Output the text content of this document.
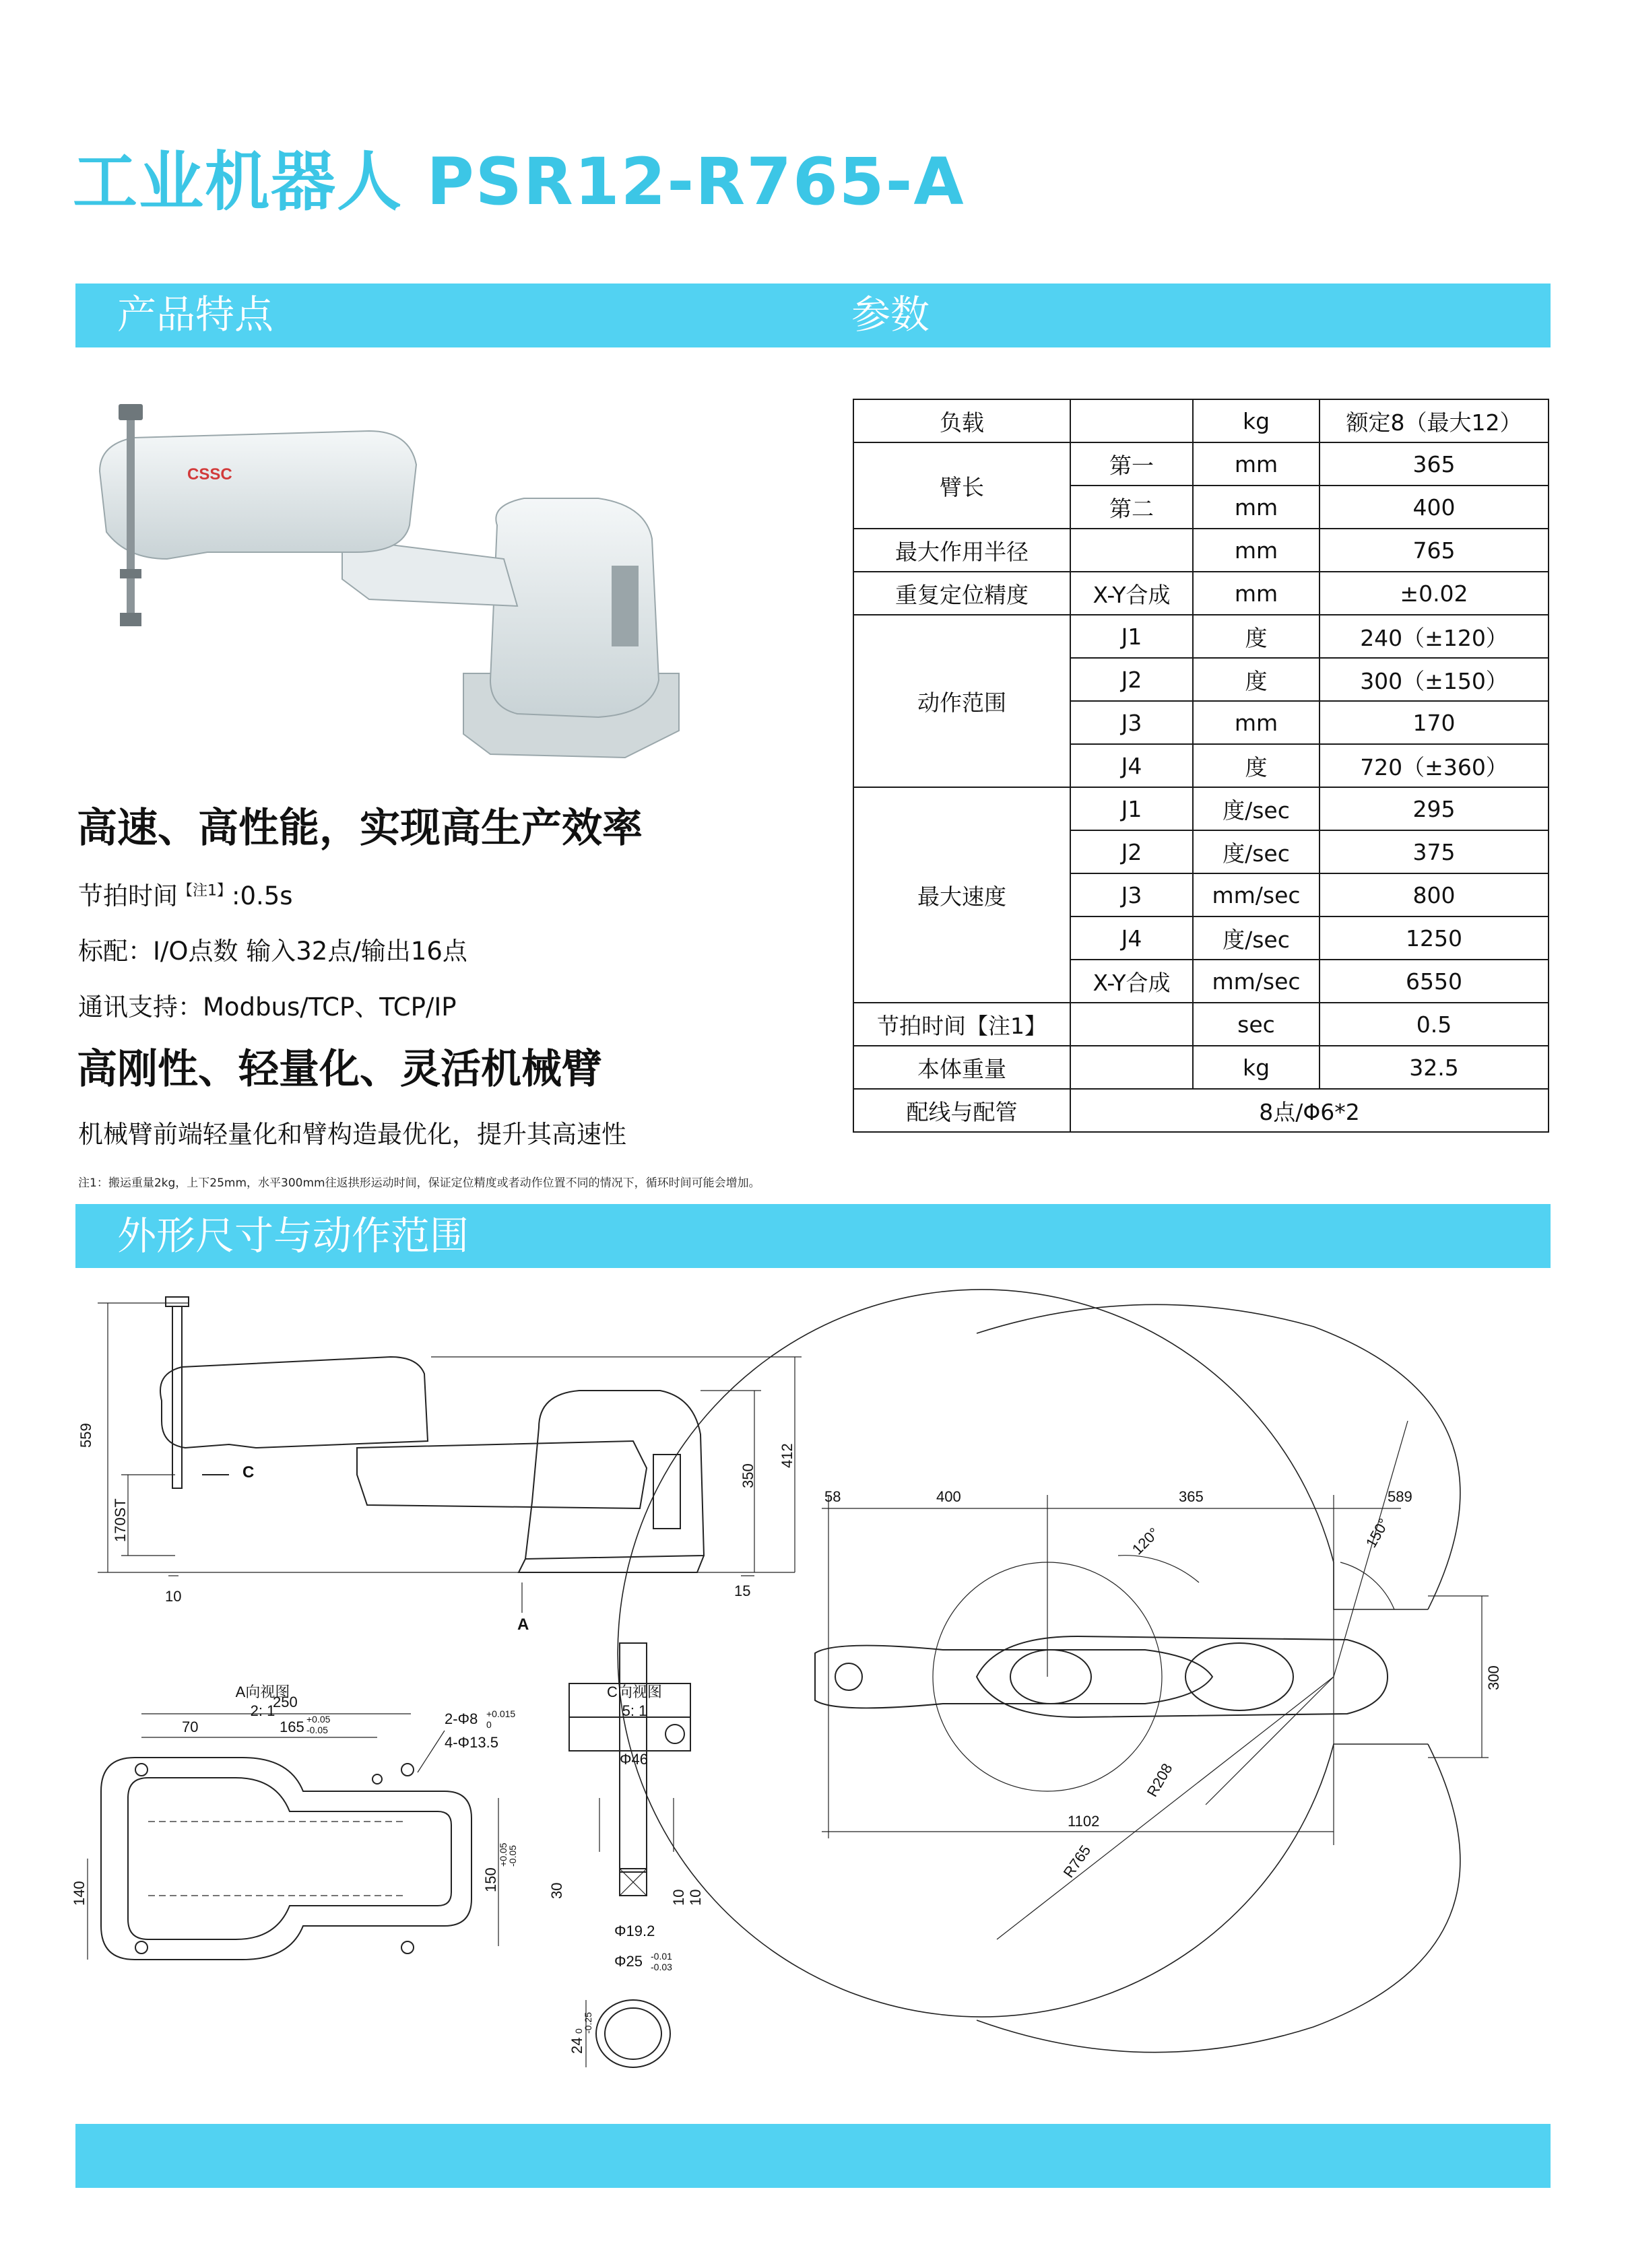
工业机器人 PSR12-R765-A
产品特点	参数
CSSC
高速、高性能，实现高生产效率
节拍时间$^{【注1】}$:0.5s
标配：I/O点数 输入32点/输出16点
通讯支持：Modbus/TCP、TCP/IP
高刚性、轻量化、灵活机械臂
机械臂前端轻量化和臂构造最优化，提升其高速性
负载		kg	额定8（最大12）
臂长	第一	mm	365
	第二	mm	400
最大作用半径		mm	765
重复定位精度	X-Y合成	mm	±0.02
动作范围	J1	度	240（±120）
	J2	度	300（±150）
	J3	mm	170
	J4	度	720（±360）
最大速度	J1	度/sec	295
	J2	度/sec	375
	J3	mm/sec	800
	J4	度/sec	1250
	X-Y合成	mm/sec	6550
节拍时间【注1】		sec	0.5
本体重量		kg	32.5
配线与配管	8点/Φ6*2		
注1：搬运重量2kg，上下25mm，水平300mm往返拱形运动时间，保证定位精度或者动作位置不同的情况下，循环时间可能会增加。
外形尺寸与动作范围
559
350
412
170ST
10	15
C
A
A向视图
2: 1
250
70	165 +0.05
-0.05
2-Φ8 +0.015
0
4-Φ13.5
140
150
+0.05
-0.05
C向视图
5: 1
Φ46
30	10 10
Φ19.2
Φ25 -0.01
-0.03
24
0
-0.25
58	400	365	589
120°	150°
300
R208
1102
R765
